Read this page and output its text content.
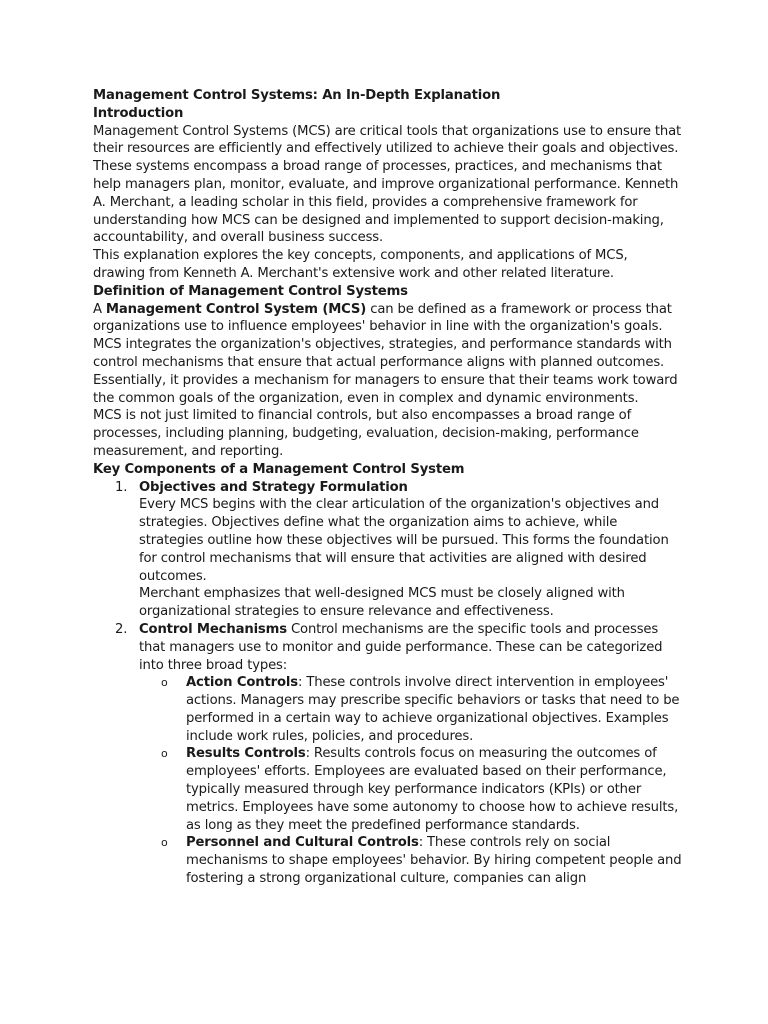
Management Control Systems: An In-Depth Explanation

Introduction

Management Control Systems (MCS) are critical tools that organizations use to ensure that their resources are efficiently and effectively utilized to achieve their goals and objectives. These systems encompass a broad range of processes, practices, and mechanisms that help managers plan, monitor, evaluate, and improve organizational performance. Kenneth A. Merchant, a leading scholar in this field, provides a comprehensive framework for understanding how MCS can be designed and implemented to support decision-making, accountability, and overall business success.

This explanation explores the key concepts, components, and applications of MCS, drawing from Kenneth A. Merchant's extensive work and other related literature.

Definition of Management Control Systems

A Management Control System (MCS) can be defined as a framework or process that organizations use to influence employees' behavior in line with the organization's goals. MCS integrates the organization's objectives, strategies, and performance standards with control mechanisms that ensure that actual performance aligns with planned outcomes. Essentially, it provides a mechanism for managers to ensure that their teams work toward the common goals of the organization, even in complex and dynamic environments.

MCS is not just limited to financial controls, but also encompasses a broad range of processes, including planning, budgeting, evaluation, decision-making, performance measurement, and reporting.

Key Components of a Management Control System

1. Objectives and Strategy Formulation

Every MCS begins with the clear articulation of the organization's objectives and strategies. Objectives define what the organization aims to achieve, while strategies outline how these objectives will be pursued. This forms the foundation for control mechanisms that will ensure that activities are aligned with desired outcomes.

Merchant emphasizes that well-designed MCS must be closely aligned with organizational strategies to ensure relevance and effectiveness.

2. Control Mechanisms Control mechanisms are the specific tools and processes that managers use to monitor and guide performance. These can be categorized into three broad types:

o Action Controls: These controls involve direct intervention in employees' actions. Managers may prescribe specific behaviors or tasks that need to be performed in a certain way to achieve organizational objectives. Examples include work rules, policies, and procedures.

o Results Controls: Results controls focus on measuring the outcomes of employees' efforts. Employees are evaluated based on their performance, typically measured through key performance indicators (KPIs) or other metrics. Employees have some autonomy to choose how to achieve results, as long as they meet the predefined performance standards.

o Personnel and Cultural Controls: These controls rely on social mechanisms to shape employees' behavior. By hiring competent people and fostering a strong organizational culture, companies can align
